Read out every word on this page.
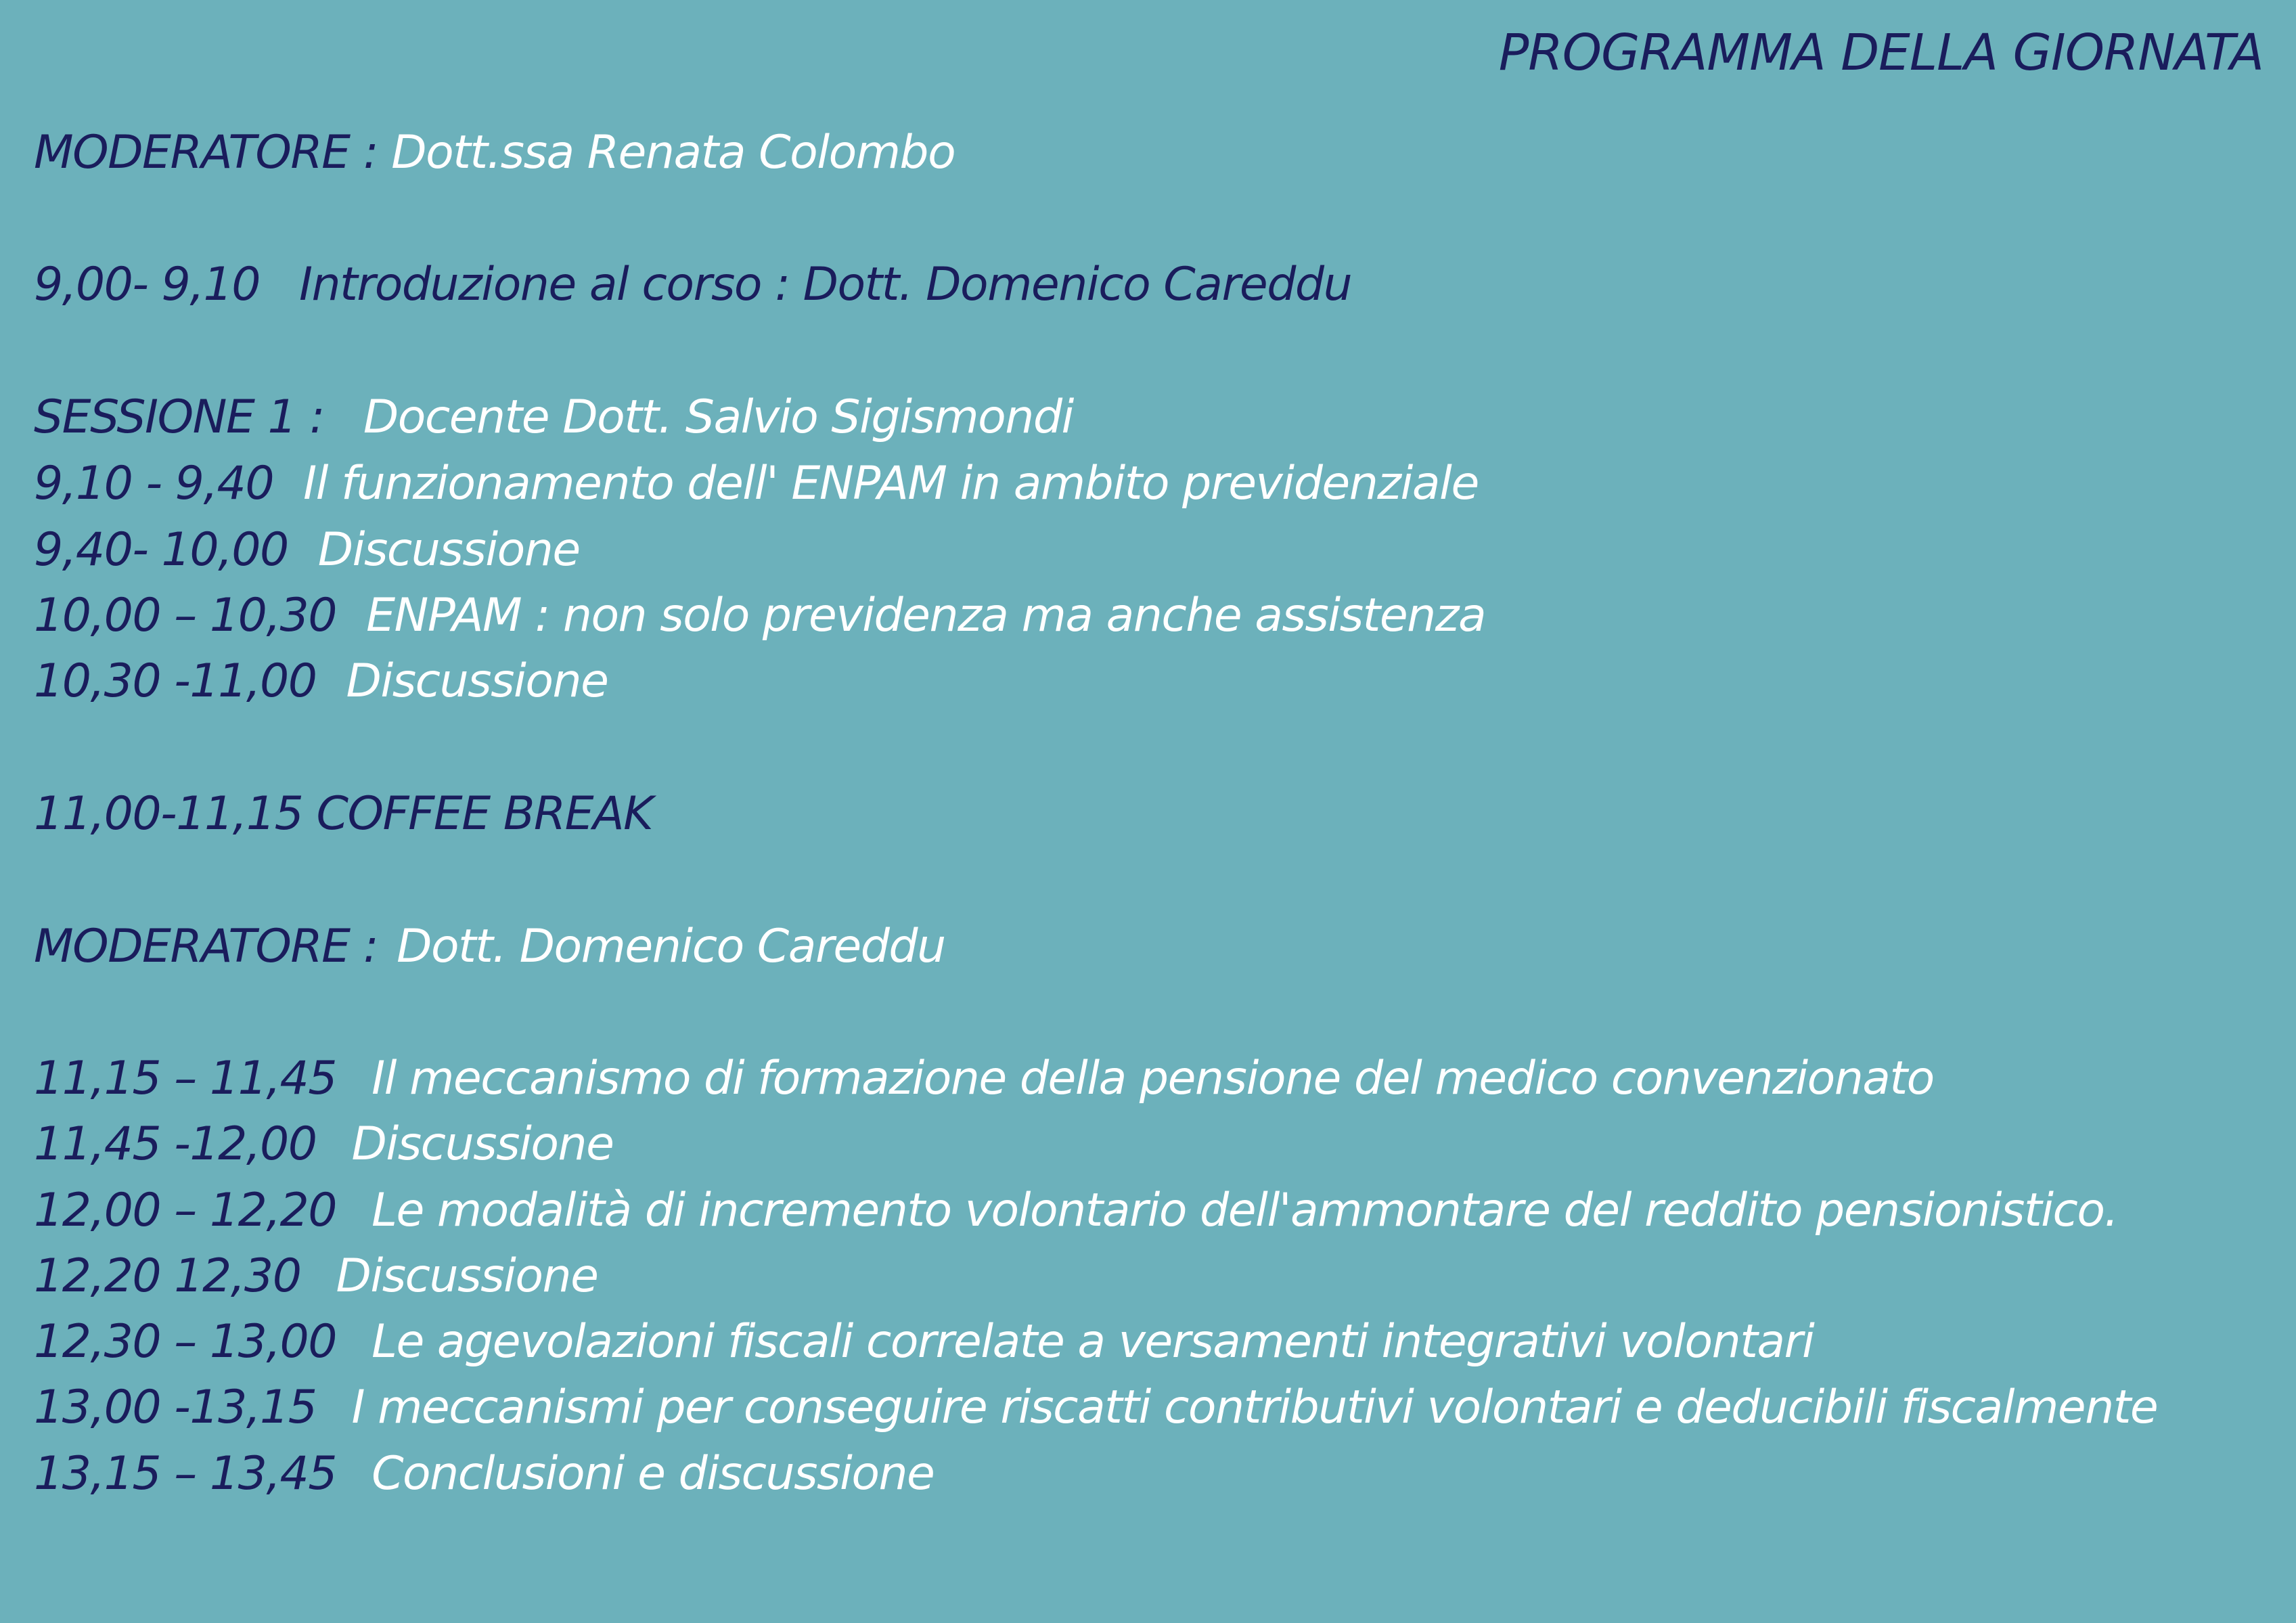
PROGRAMMA DELLA GIORNATA
MODERATORE : Dott.ssa Renata Colombo
9,00- 9,10 Introduzione al corso : Dott. Domenico Careddu
SESSIONE 1 : Docente Dott. Salvio Sigismondi
9,10 - 9,40 Il funzionamento dell' ENPAM in ambito previdenziale
9,40- 10,00 Discussione
10,00 – 10,30 ENPAM : non solo previdenza ma anche assistenza
10,30 -11,00 Discussione
11,00-11,15 COFFEE BREAK
MODERATORE : Dott. Domenico Careddu
11,15 – 11,45 Il meccanismo di formazione della pensione del medico convenzionato
11,45 -12,00 Discussione
12,00 – 12,20 Le modalità di incremento volontario dell'ammontare del reddito pensionistico.
12,20 12,30 Discussione
12,30 – 13,00 Le agevolazioni fiscali correlate a versamenti integrativi volontari
13,00 -13,15 I meccanismi per conseguire riscatti contributivi volontari e deducibili fiscalmente
13,15 – 13,45 Conclusioni e discussione
